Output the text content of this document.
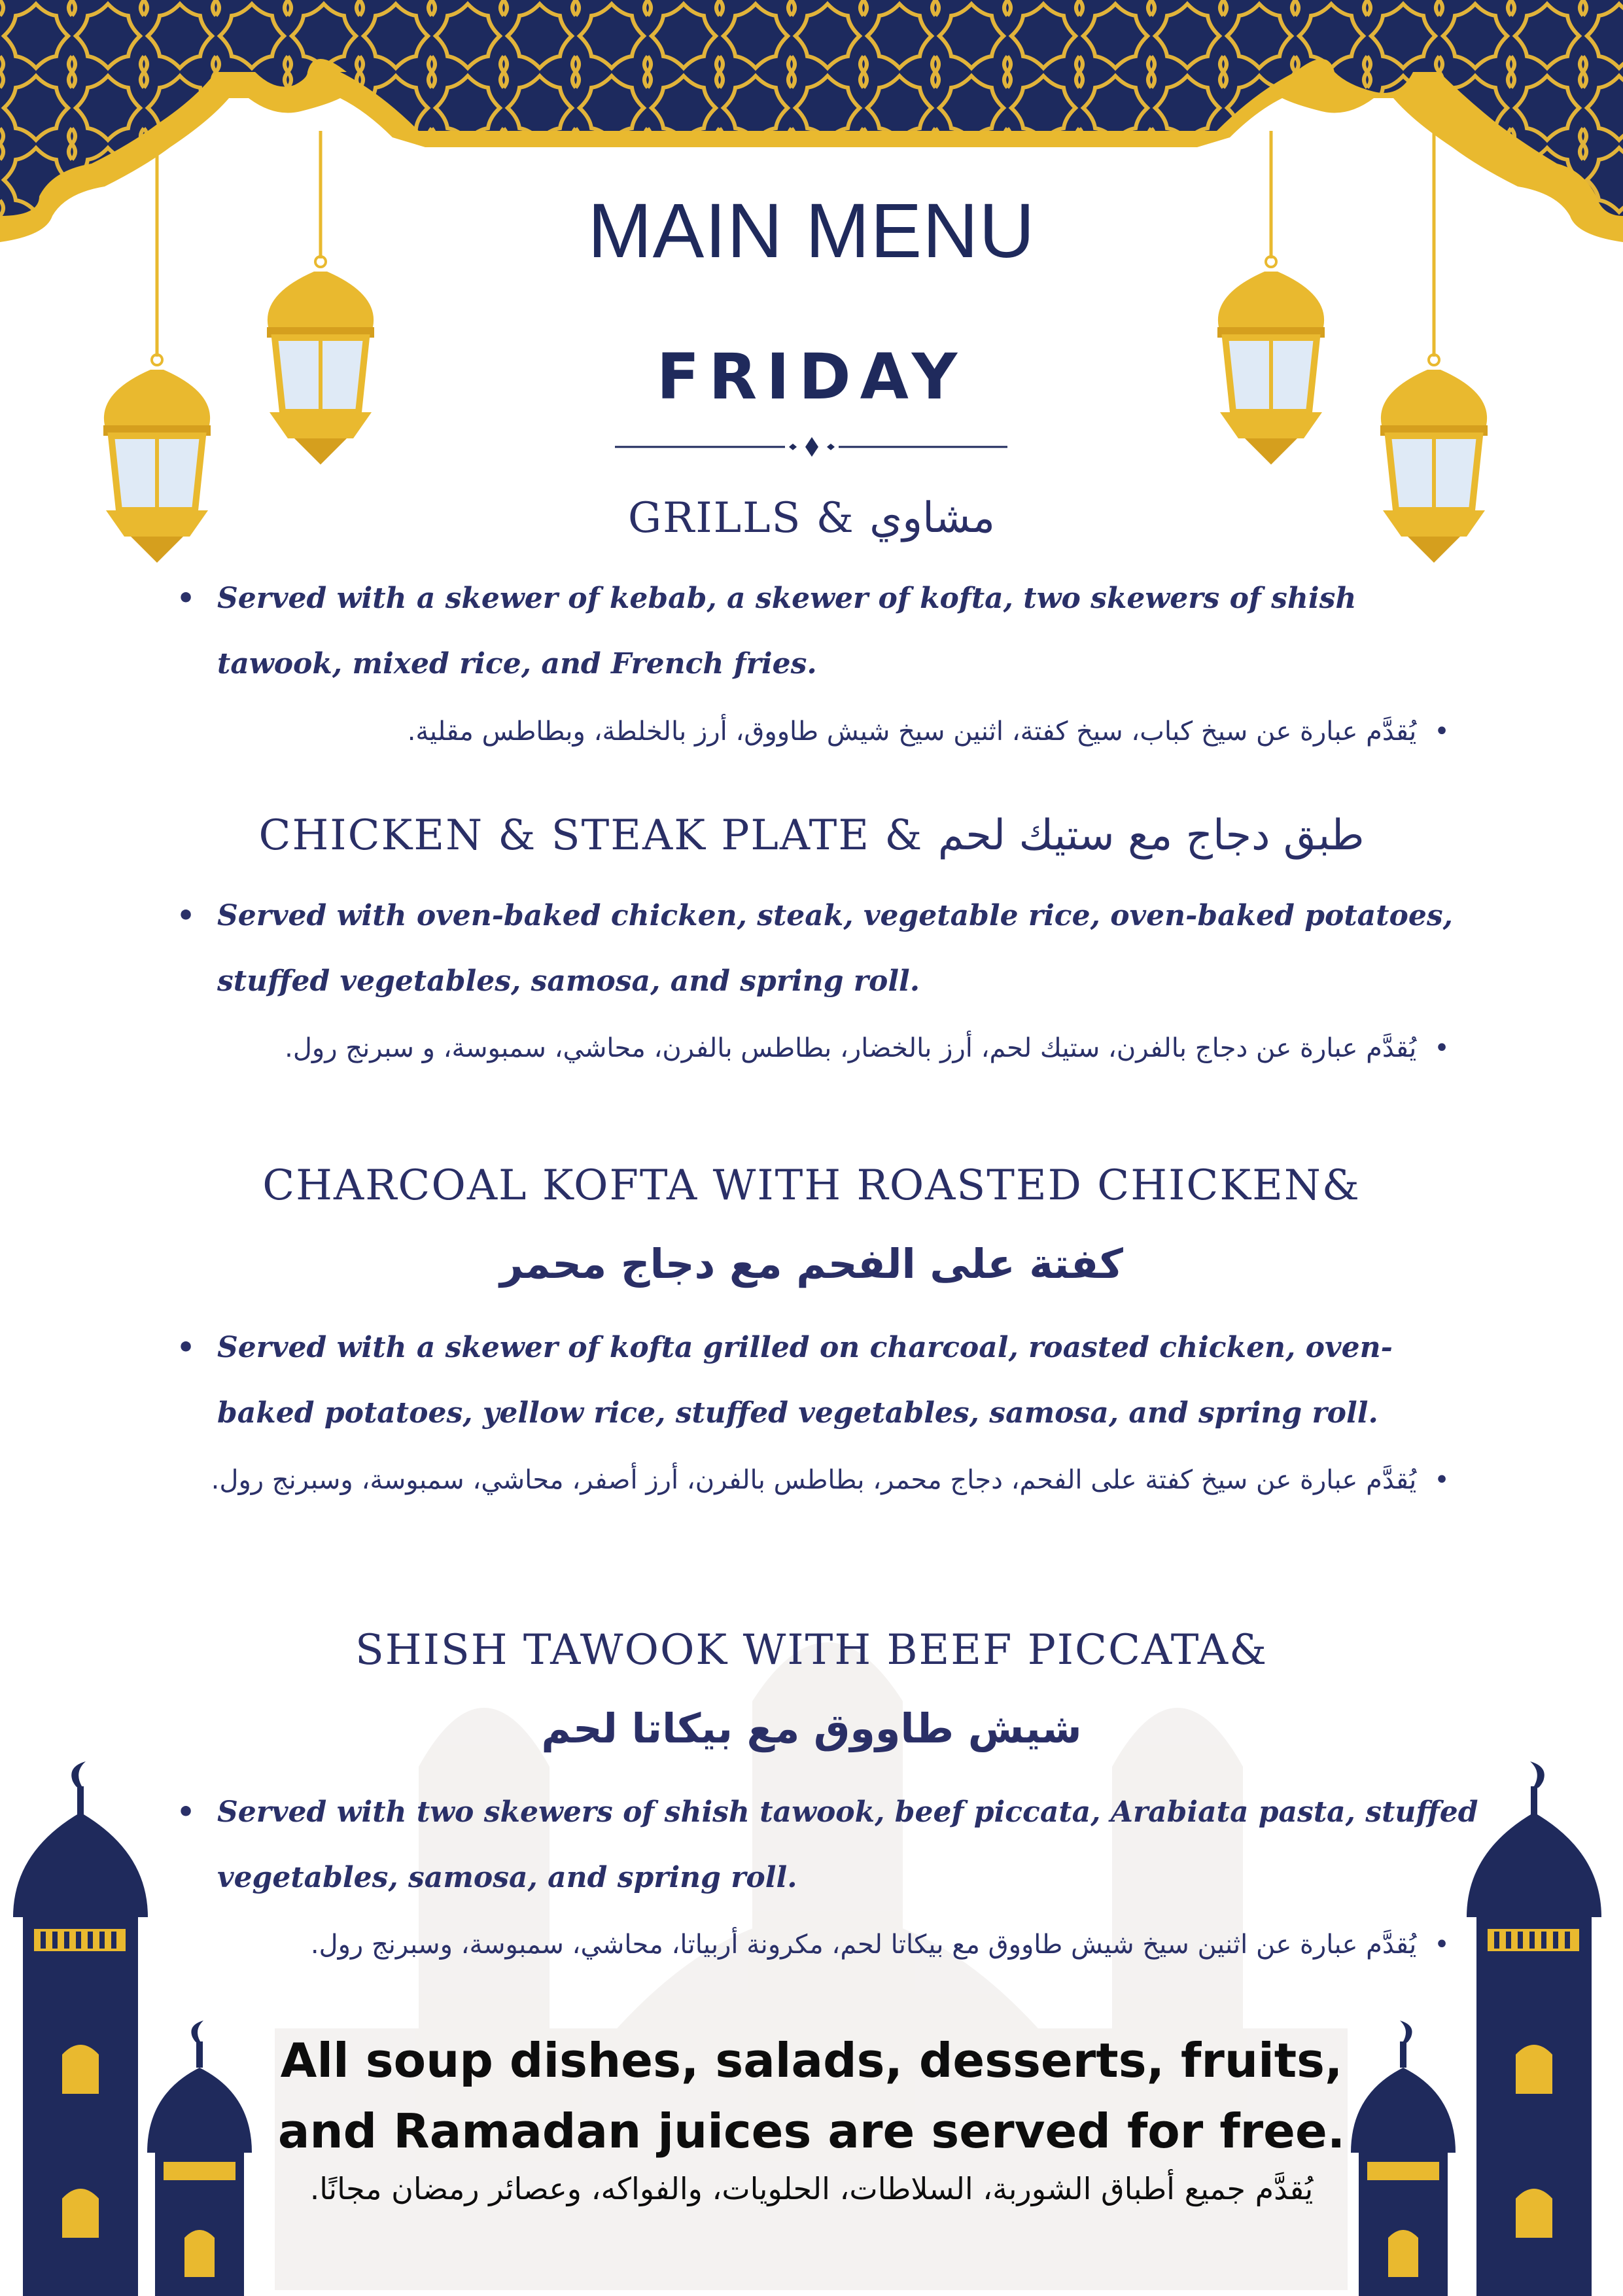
MAIN MENU
FRIDAY
GRILLS & مشاوي
• Served with a skewer of kebab, a skewer of kofta, two skewers of shish tawook, mixed rice, and French fries.
• يُقدَّم عبارة عن سيخ كباب، سيخ كفتة، اثنين سيخ شيش طاووق، أرز بالخلطة، وبطاطس مقلية.
CHICKEN & STEAK PLATE & طبق دجاج مع ستيك لحم
• Served with oven-baked chicken, steak, vegetable rice, oven-baked potatoes, stuffed vegetables, samosa, and spring roll.
• يُقدَّم عبارة عن دجاج بالفرن، ستيك لحم، أرز بالخضار، بطاطس بالفرن، محاشي، سمبوسة، و سبرنج رول.
CHARCOAL KOFTA WITH ROASTED CHICKEN&
كفتة على الفحم مع دجاج محمر
• Served with a skewer of kofta grilled on charcoal, roasted chicken, oven-baked potatoes, yellow rice, stuffed vegetables, samosa, and spring roll.
• يُقدَّم عبارة عن سيخ كفتة على الفحم، دجاج محمر، بطاطس بالفرن، أرز أصفر، محاشي، سمبوسة، وسبرنج رول.
SHISH TAWOOK WITH BEEF PICCATA&
شيش طاووق مع بيكاتا لحم
• Served with two skewers of shish tawook, beef piccata, Arabiata pasta, stuffed vegetables, samosa, and spring roll.
• يُقدَّم عبارة عن اثنين سيخ شيش طاووق مع بيكاتا لحم، مكرونة أربياتا، محاشي، سمبوسة، وسبرنج رول.
All soup dishes, salads, desserts, fruits,
and Ramadan juices are served for free.
يُقدَّم جميع أطباق الشوربة، السلاطات، الحلويات، والفواكه، وعصائر رمضان مجانًا.
